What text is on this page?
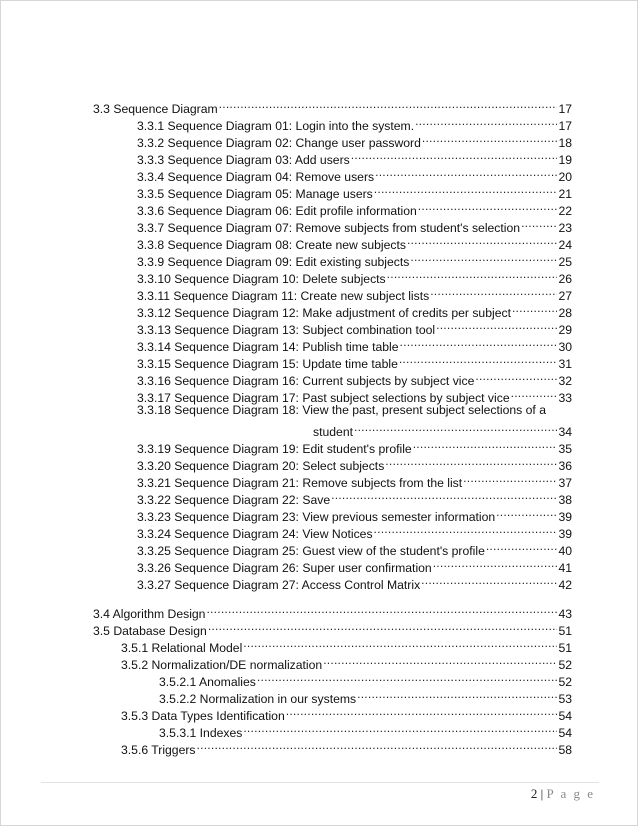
3.3 Sequence Diagram .....	17
3.3.1 Sequence Diagram 01: Login into the system. .....	17
3.3.2 Sequence Diagram 02: Change user password .....	18
3.3.3 Sequence Diagram 03: Add users .....	19
3.3.4 Sequence Diagram 04: Remove users .....	20
3.3.5 Sequence Diagram 05: Manage users .....	21
3.3.6 Sequence Diagram 06: Edit profile information .....	22
3.3.7 Sequence Diagram 07: Remove subjects from student's selection .....	23
3.3.8 Sequence Diagram 08: Create new subjects .....	24
3.3.9 Sequence Diagram 09: Edit existing subjects .....	25
3.3.10 Sequence Diagram 10: Delete subjects .....	26
3.3.11 Sequence Diagram 11: Create new subject lists .....	27
3.3.12 Sequence Diagram 12: Make adjustment of credits per subject .....	28
3.3.13 Sequence Diagram 13: Subject combination tool .....	29
3.3.14 Sequence Diagram 14: Publish time table .....	30
3.3.15 Sequence Diagram 15: Update time table .....	31
3.3.16 Sequence Diagram 16: Current subjects by subject vice .....	32
3.3.17 Sequence Diagram 17: Past subject selections by subject vice .....	33
3.3.18 Sequence Diagram 18: View the past, present subject selections of a
student .....	34
3.3.19 Sequence Diagram 19: Edit student's profile .....	35
3.3.20 Sequence Diagram 20: Select subjects .....	36
3.3.21 Sequence Diagram 21: Remove subjects from the list .....	37
3.3.22 Sequence Diagram 22: Save .....	38
3.3.23 Sequence Diagram 23: View previous semester information .....	39
3.3.24 Sequence Diagram 24: View Notices .....	39
3.3.25 Sequence Diagram 25: Guest view of the student's profile .....	40
3.3.26 Sequence Diagram 26: Super user confirmation .....	41
3.3.27 Sequence Diagram 27: Access Control Matrix .....	42
3.4 Algorithm Design .....	43
3.5 Database Design .....	51
3.5.1 Relational Model .....	51
3.5.2 Normalization/DE normalization .....	52
3.5.2.1 Anomalies .....	52
3.5.2.2 Normalization in our systems .....	53
3.5.3 Data Types Identification .....	54
3.5.3.1 Indexes .....	54
3.5.6 Triggers .....	58
2 | P a g e
